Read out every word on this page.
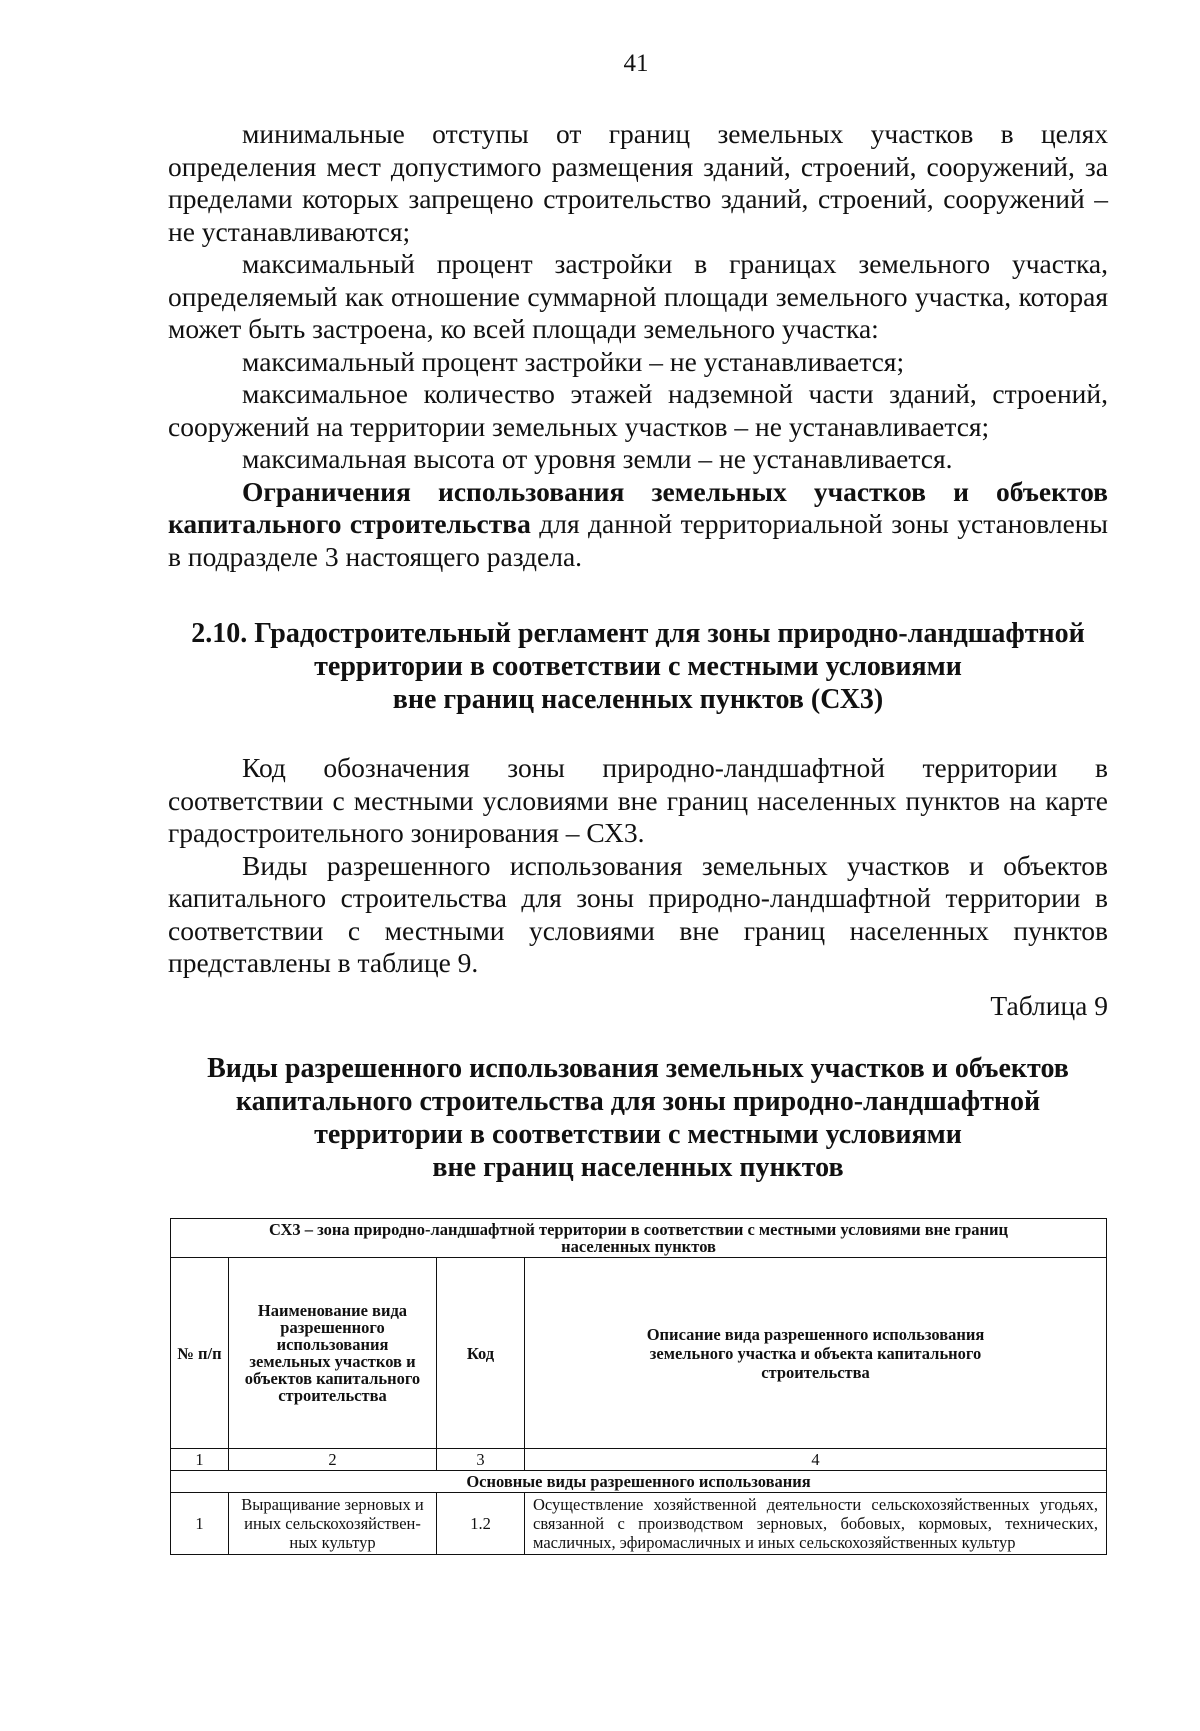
41

минимальные отступы от границ земельных участков в целях определения мест допустимого размещения зданий, строений, сооружений, за пределами которых запрещено строительство зданий, строений, сооружений – не устанавливаются;

максимальный процент застройки в границах земельного участка, определяемый как отношение суммарной площади земельного участка, которая может быть застроена, ко всей площади земельного участка:

максимальный процент застройки – не устанавливается;

максимальное количество этажей надземной части зданий, строений, сооружений на территории земельных участков – не устанавливается;

максимальная высота от уровня земли – не устанавливается.

Ограничения использования земельных участков и объектов капитального строительства для данной территориальной зоны установлены в подразделе 3 настоящего раздела.

2.10. Градостроительный регламент для зоны природно-ландшафтной
территории в соответствии с местными условиями
вне границ населенных пунктов (СХ3)

Код обозначения зоны природно-ландшафтной территории в соответствии с местными условиями вне границ населенных пунктов на карте градостроительного зонирования – СХ3.

Виды разрешенного использования земельных участков и объектов капитального строительства для зоны природно-ландшафтной территории в соответствии с местными условиями вне границ населенных пунктов представлены в таблице 9.

Таблица 9
Виды разрешенного использования земельных участков и объектов
капитального строительства для зоны природно-ландшафтной
территории в соответствии с местными условиями
вне границ населенных пунктов
СХ3 – зона природно-ландшафтной территории в соответствии с местными условиями вне границ населенных пунктов			
№ п/п	Наименование вида разрешенного использования земельных участков и объектов капитального строительства	Код	Описание вида разрешенного использования земельного участка и объекта капитального строительства
1	2	3	4
Основные виды разрешенного использования			
1	Выращивание зерновых и иных сельскохозяйствен-ных культур	1.2	Осуществление хозяйственной деятельности сельскохозяйственных угодьях, связанной с производством зерновых, бобовых, кормовых, технических, масличных, эфиромасличных и иных сельскохозяйственных культур
